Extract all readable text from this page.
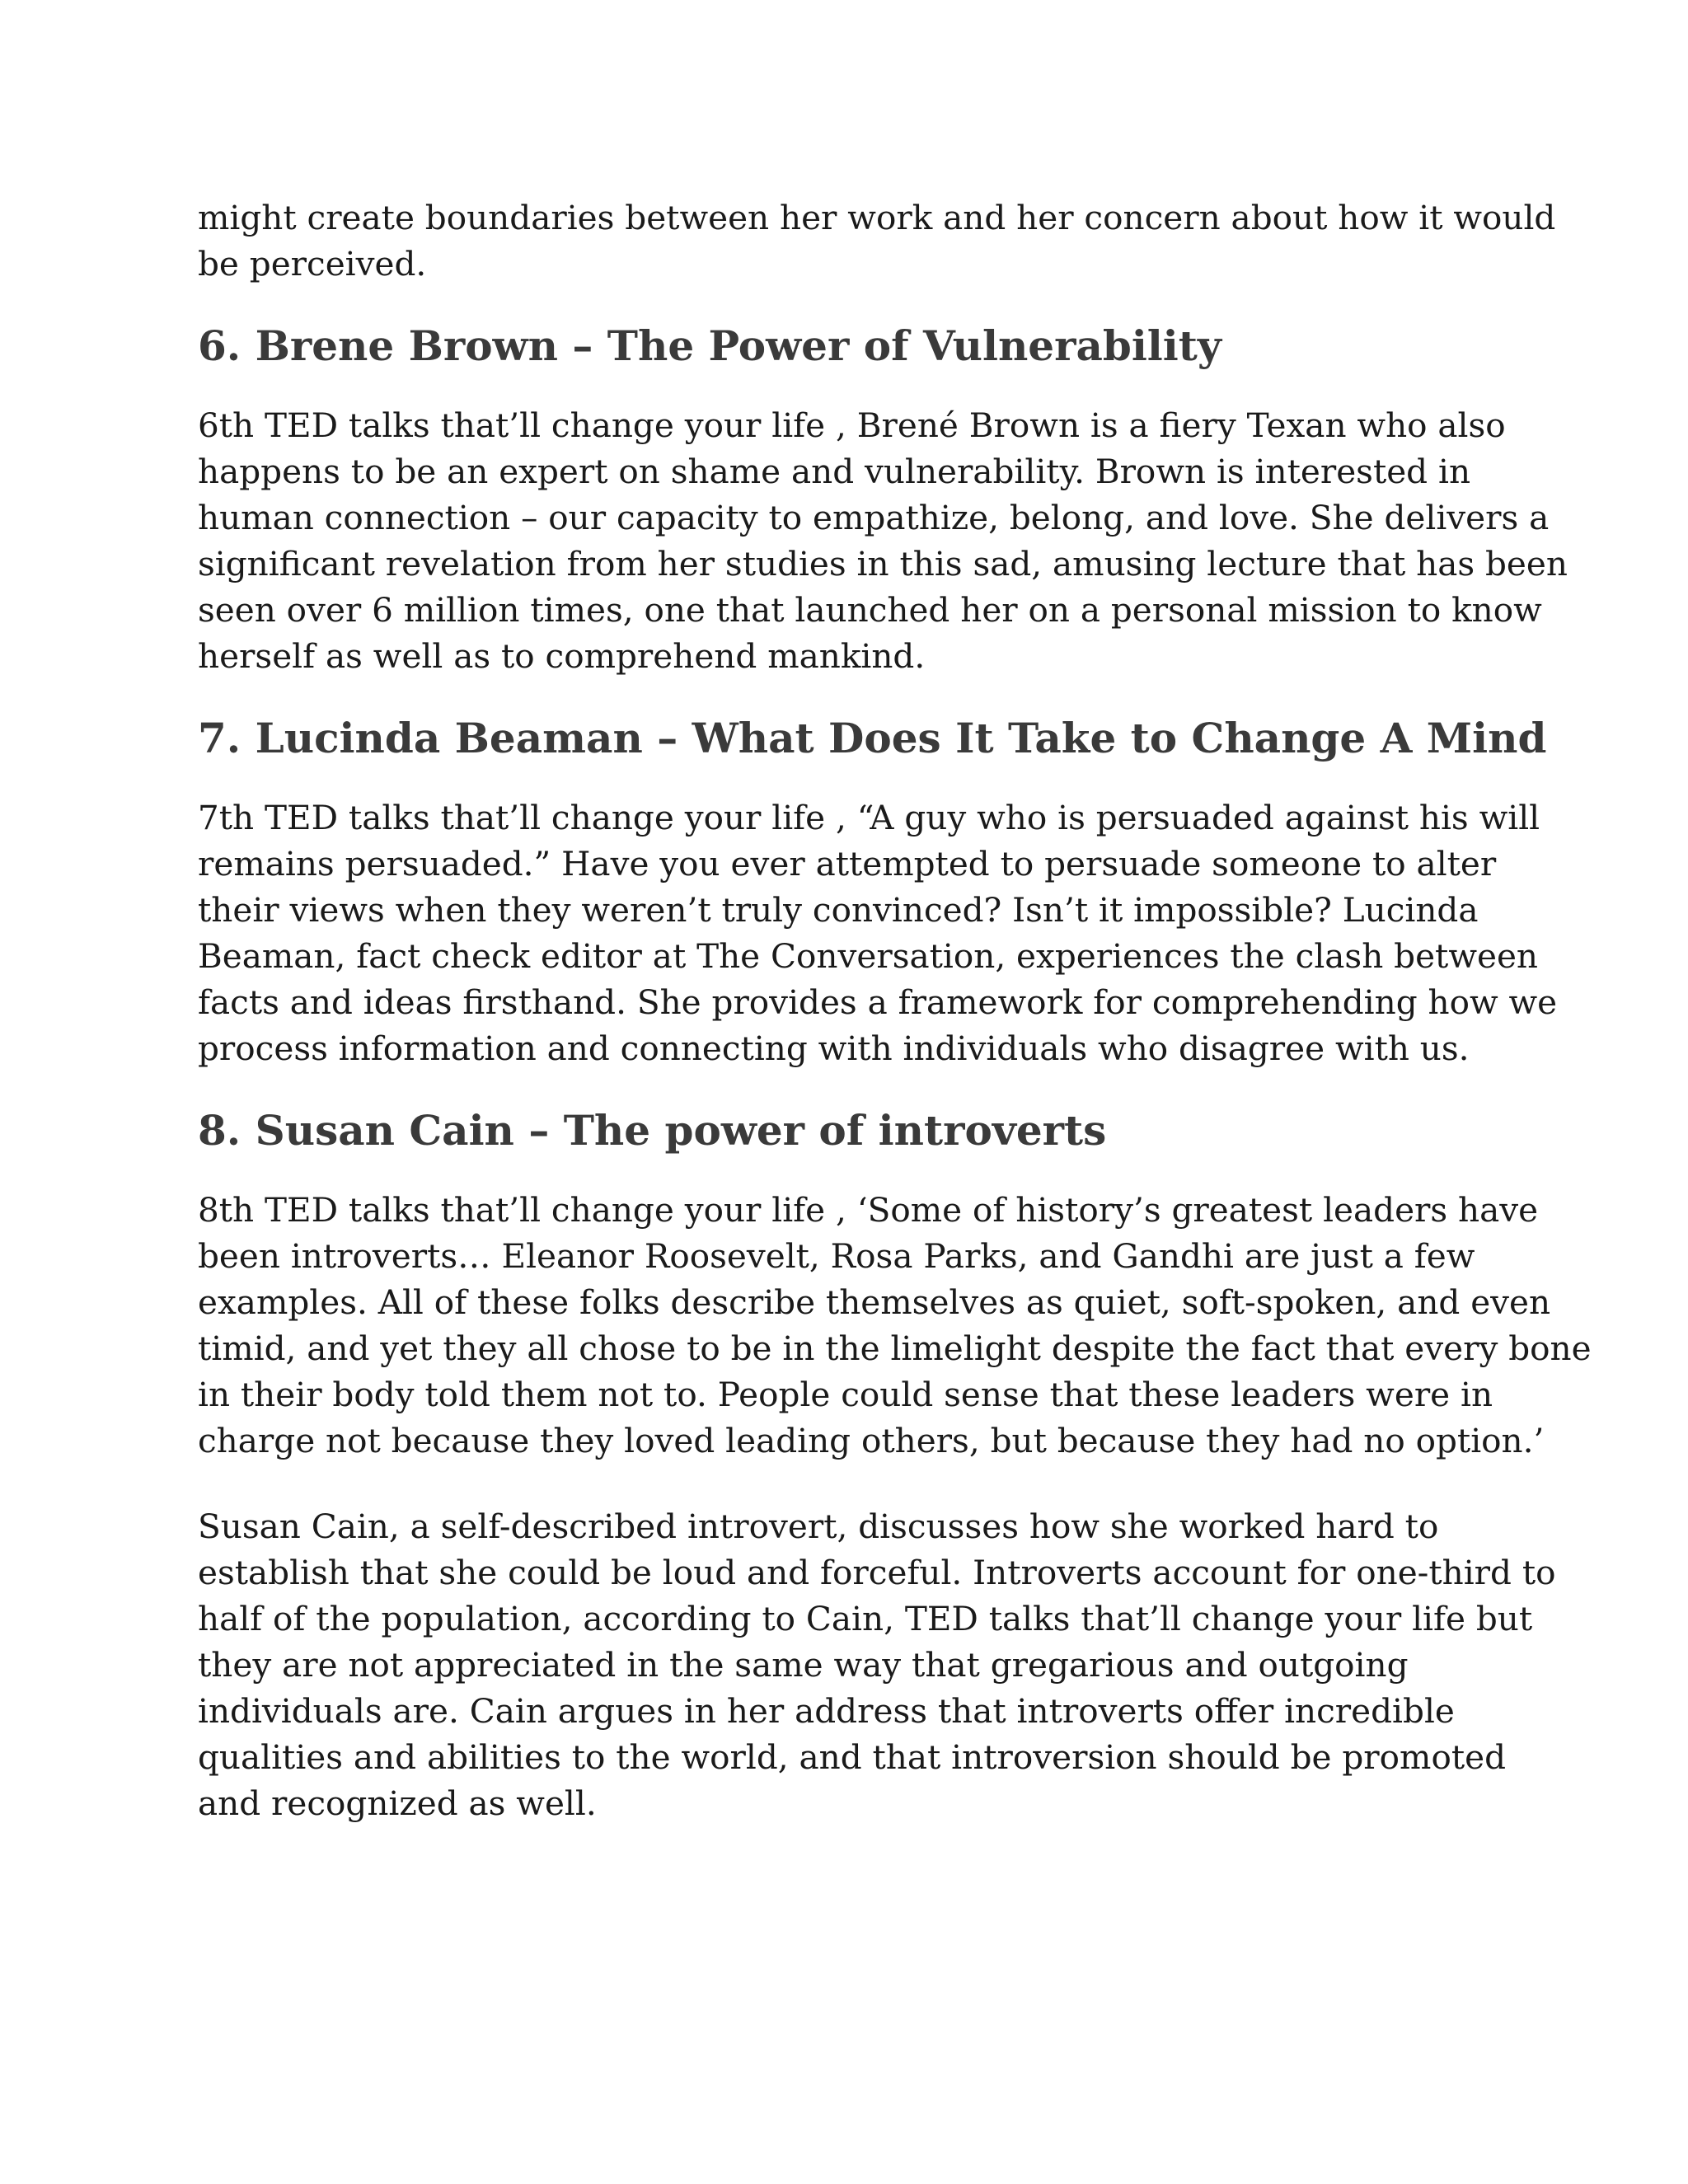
might create boundaries between her work and her concern about how it would
be perceived.

6. Brene Brown – The Power of Vulnerability

6th TED talks that’ll change your life , Brené Brown is a fiery Texan who also
happens to be an expert on shame and vulnerability. Brown is interested in
human connection – our capacity to empathize, belong, and love. She delivers a
significant revelation from her studies in this sad, amusing lecture that has been
seen over 6 million times, one that launched her on a personal mission to know
herself as well as to comprehend mankind.

7. Lucinda Beaman – What Does It Take to Change A Mind

7th TED talks that’ll change your life , “A guy who is persuaded against his will
remains persuaded.” Have you ever attempted to persuade someone to alter
their views when they weren’t truly convinced? Isn’t it impossible? Lucinda
Beaman, fact check editor at The Conversation, experiences the clash between
facts and ideas firsthand. She provides a framework for comprehending how we
process information and connecting with individuals who disagree with us.

8. Susan Cain – The power of introverts

8th TED talks that’ll change your life , ‘Some of history’s greatest leaders have
been introverts… Eleanor Roosevelt, Rosa Parks, and Gandhi are just a few
examples. All of these folks describe themselves as quiet, soft-spoken, and even
timid, and yet they all chose to be in the limelight despite the fact that every bone
in their body told them not to. People could sense that these leaders were in
charge not because they loved leading others, but because they had no option.’

Susan Cain, a self-described introvert, discusses how she worked hard to
establish that she could be loud and forceful. Introverts account for one-third to
half of the population, according to Cain, TED talks that’ll change your life but
they are not appreciated in the same way that gregarious and outgoing
individuals are. Cain argues in her address that introverts offer incredible
qualities and abilities to the world, and that introversion should be promoted
and recognized as well.
